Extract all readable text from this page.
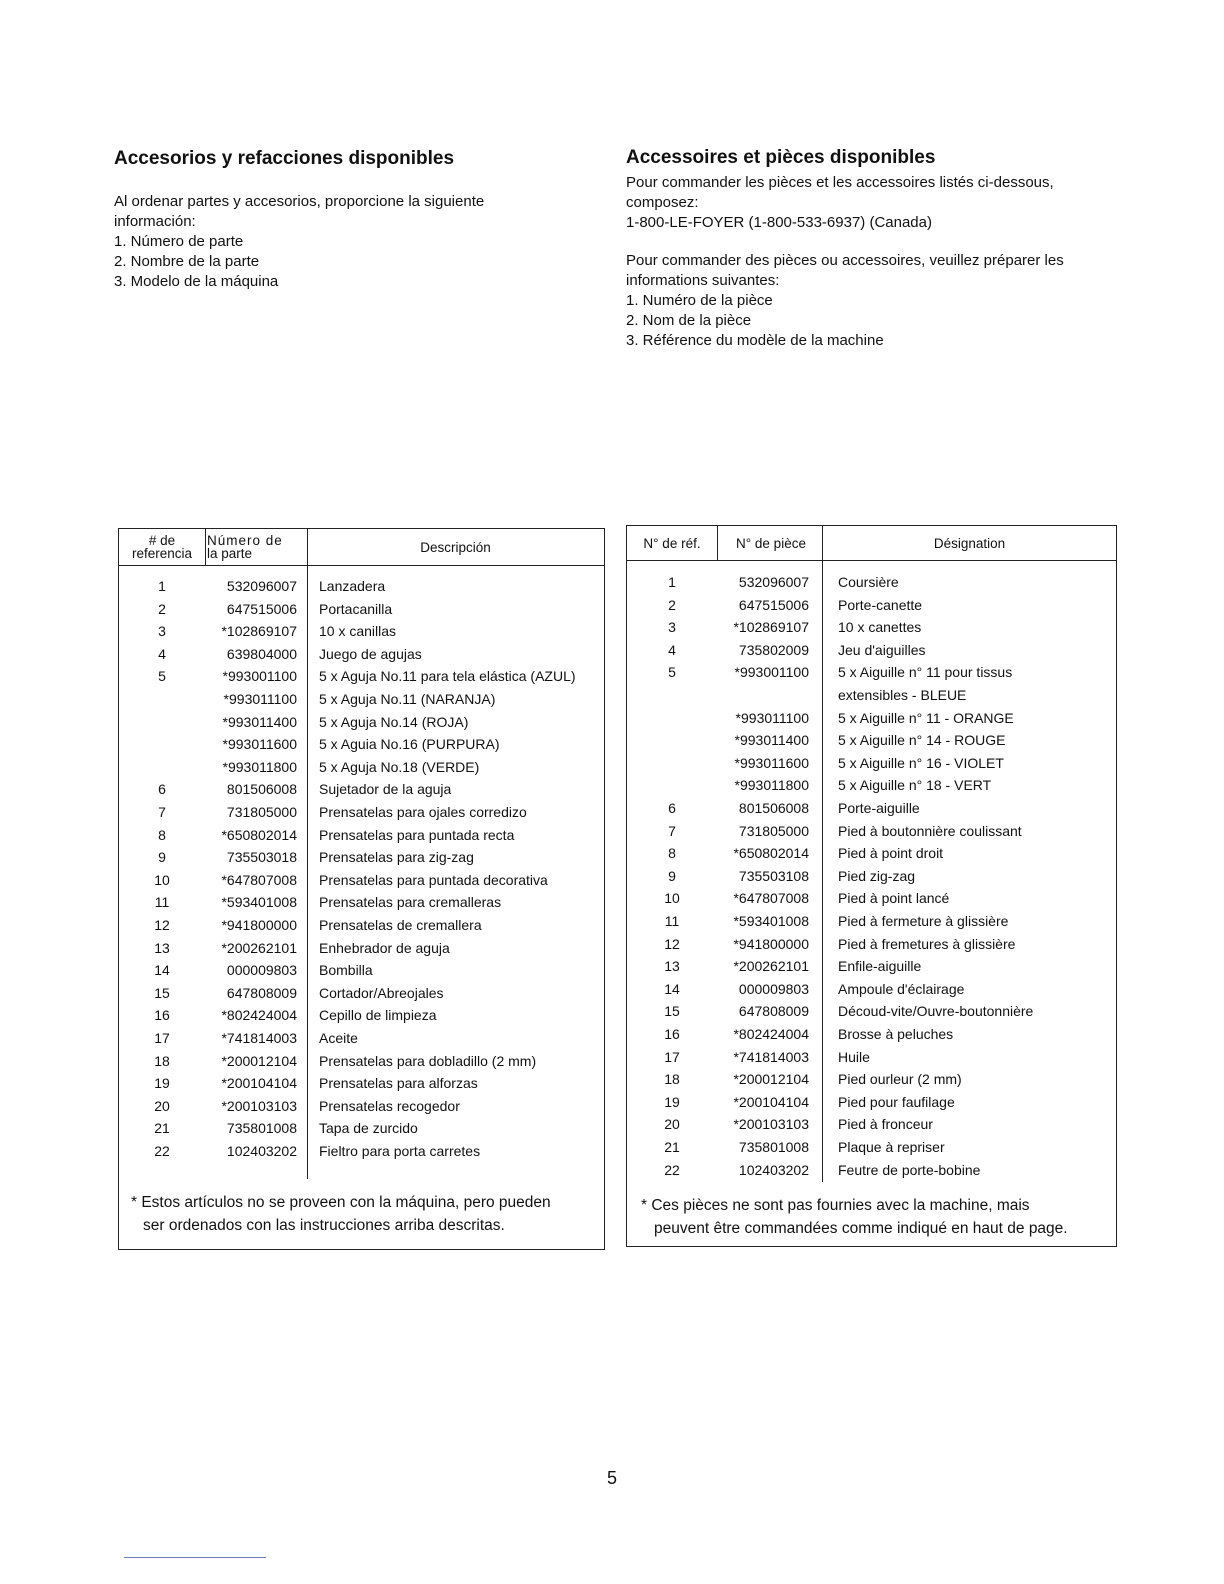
Accesorios y refacciones disponibles

Al ordenar partes y accesorios, proporcione la siguiente

información:

1. Número de parte

2. Nombre de la parte

3. Modelo de la máquina

Accessoires et pièces disponibles

Pour commander les pièces et les accessoires listés ci-dessous,

composez:

1-800-LE-FOYER (1-800-533-6937) (Canada)

Pour commander des pièces ou accessoires, veuillez préparer les

informations suivantes:

1. Numéro de la pièce

2. Nom de la pièce

3. Référence du modèle de la machine

# de
referencia
Número de
la parte	Descripción
1	532096007 Lanzadera
2	647515006 Portacanilla
3	*102869107 10 x canillas
4	639804000 Juego de agujas
5	*993001100 5 x Aguja No.11 para tela elástica (AZUL)
*993011100 5 x Aguja No.11 (NARANJA)
*993011400 5 x Aguja No.14 (ROJA)
*993011600 5 x Aguia No.16 (PURPURA)
*993011800 5 x Aguja No.18 (VERDE)
6	801506008 Sujetador de la aguja
7	731805000 Prensatelas para ojales corredizo
8	*650802014 Prensatelas para puntada recta
9	735503018 Prensatelas para zig-zag
10	*647807008 Prensatelas para puntada decorativa
11	*593401008 Prensatelas para cremalleras
12	*941800000 Prensatelas de cremallera
13	*200262101 Enhebrador de aguja
14	000009803 Bombilla
15	647808009 Cortador/Abreojales
16	*802424004 Cepillo de limpieza
17	*741814003 Aceite
18	*200012104 Prensatelas para dobladillo (2 mm)
19	*200104104 Prensatelas para alforzas
20	*200103103 Prensatelas recogedor
21	735801008 Tapa de zurcido
22	102403202 Fieltro para porta carretes
* Estos artículos no se proveen con la máquina, pero pueden
ser ordenados con las instrucciones arriba descritas.
N° de réf.	N° de pièce	Désignation
1	532096007 Coursière
2	647515006 Porte-canette
3	*102869107 10 x canettes
4	735802009 Jeu d'aiguilles
5	*993001100 5 x Aiguille n° 11 pour tissus
extensibles - BLEUE
*993011100 5 x Aiguille n° 11 - ORANGE
*993011400 5 x Aiguille n° 14 - ROUGE
*993011600 5 x Aiguille n° 16 - VIOLET
*993011800 5 x Aiguille n° 18 - VERT
6	801506008 Porte-aiguille
7	731805000 Pied à boutonnière coulissant
8	*650802014 Pied à point droit
9	735503108 Pied zig-zag
10	*647807008 Pied à point lancé
11	*593401008 Pied à fermeture à glissière
12	*941800000 Pied à fremetures à glissière
13	*200262101 Enfile-aiguille
14	000009803 Ampoule d'éclairage
15	647808009 Découd-vite/Ouvre-boutonnière
16	*802424004 Brosse à peluches
17	*741814003 Huile
18	*200012104 Pied ourleur (2 mm)
19	*200104104 Pied pour faufilage
20	*200103103 Pied à fronceur
21	735801008 Plaque à repriser
22	102403202 Feutre de porte-bobine
* Ces pièces ne sont pas fournies avec la machine, mais
peuvent être commandées comme indiqué en haut de page.
5
